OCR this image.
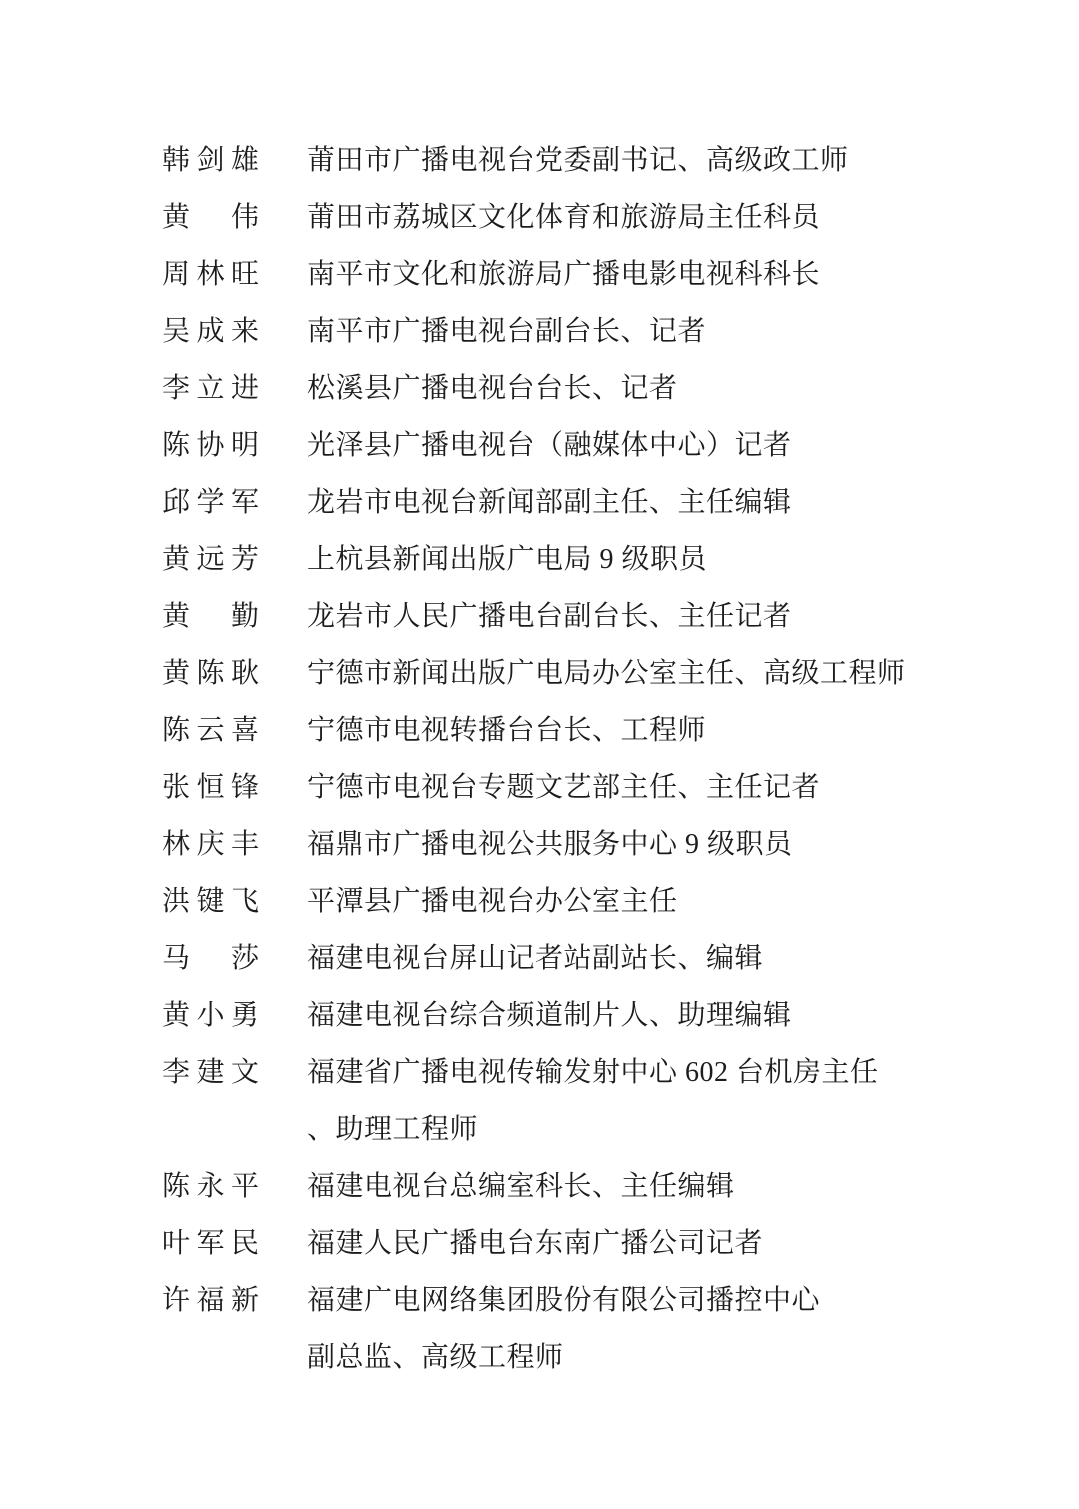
韩剑雄 莆田市广播电视台党委副书记、高级政工师
黄伟 莆田市荔城区文化体育和旅游局主任科员
周林旺 南平市文化和旅游局广播电影电视科科长
吴成来 南平市广播电视台副台长、记者
李立进 松溪县广播电视台台长、记者
陈协明 光泽县广播电视台（融媒体中心）记者
邱学军 龙岩市电视台新闻部副主任、主任编辑
黄远芳 上杭县新闻出版广电局 9 级职员
黄勤 龙岩市人民广播电台副台长、主任记者
黄陈耿 宁德市新闻出版广电局办公室主任、高级工程师
陈云喜 宁德市电视转播台台长、工程师
张恒锋 宁德市电视台专题文艺部主任、主任记者
林庆丰 福鼎市广播电视公共服务中心 9 级职员
洪键飞 平潭县广播电视台办公室主任
马莎 福建电视台屏山记者站副站长、编辑
黄小勇 福建电视台综合频道制片人、助理编辑
李建文 福建省广播电视传输发射中心 602 台机房主任
、助理工程师
陈永平 福建电视台总编室科长、主任编辑
叶军民 福建人民广播电台东南广播公司记者
许福新 福建广电网络集团股份有限公司播控中心
副总监、高级工程师
